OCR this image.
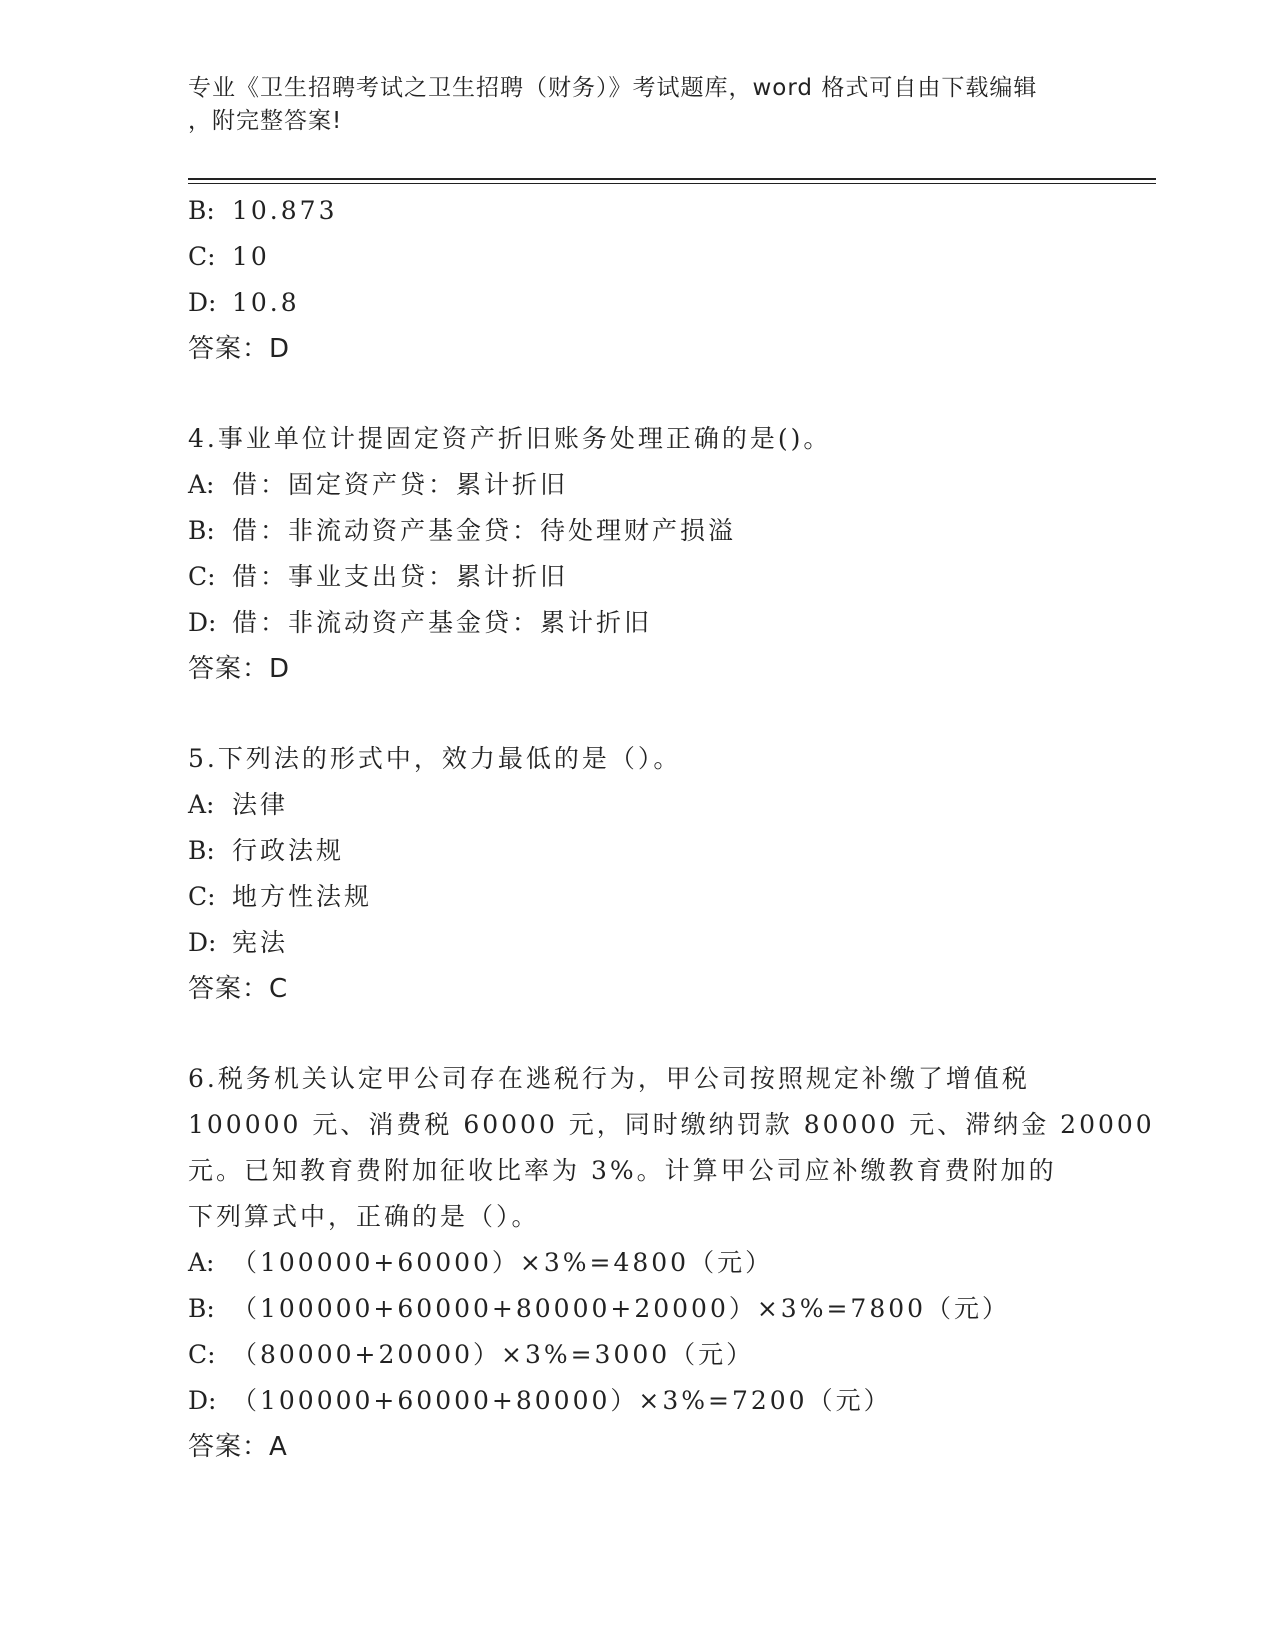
专业《卫生招聘考试之卫生招聘（财务）》考试题库，word 格式可自由下载编辑
，附完整答案!
B: 10.873
C: 10
D: 10.8
答案：D
4.事业单位计提固定资产折旧账务处理正确的是()。
A: 借：固定资产贷：累计折旧
B: 借：非流动资产基金贷：待处理财产损溢
C: 借：事业支出贷：累计折旧
D: 借：非流动资产基金贷：累计折旧
答案：D
5.下列法的形式中，效力最低的是（）。
A: 法律
B: 行政法规
C: 地方性法规
D: 宪法
答案：C
6.税务机关认定甲公司存在逃税行为，甲公司按照规定补缴了增值税
100000 元、消费税 60000 元，同时缴纳罚款 80000 元、滞纳金 20000
元。已知教育费附加征收比率为 3%。计算甲公司应补缴教育费附加的
下列算式中，正确的是（）。
A: （100000+60000）×3%=4800（元）
B: （100000+60000+80000+20000）×3%=7800（元）
C: （80000+20000）×3%=3000（元）
D: （100000+60000+80000）×3%=7200（元）
答案：A
